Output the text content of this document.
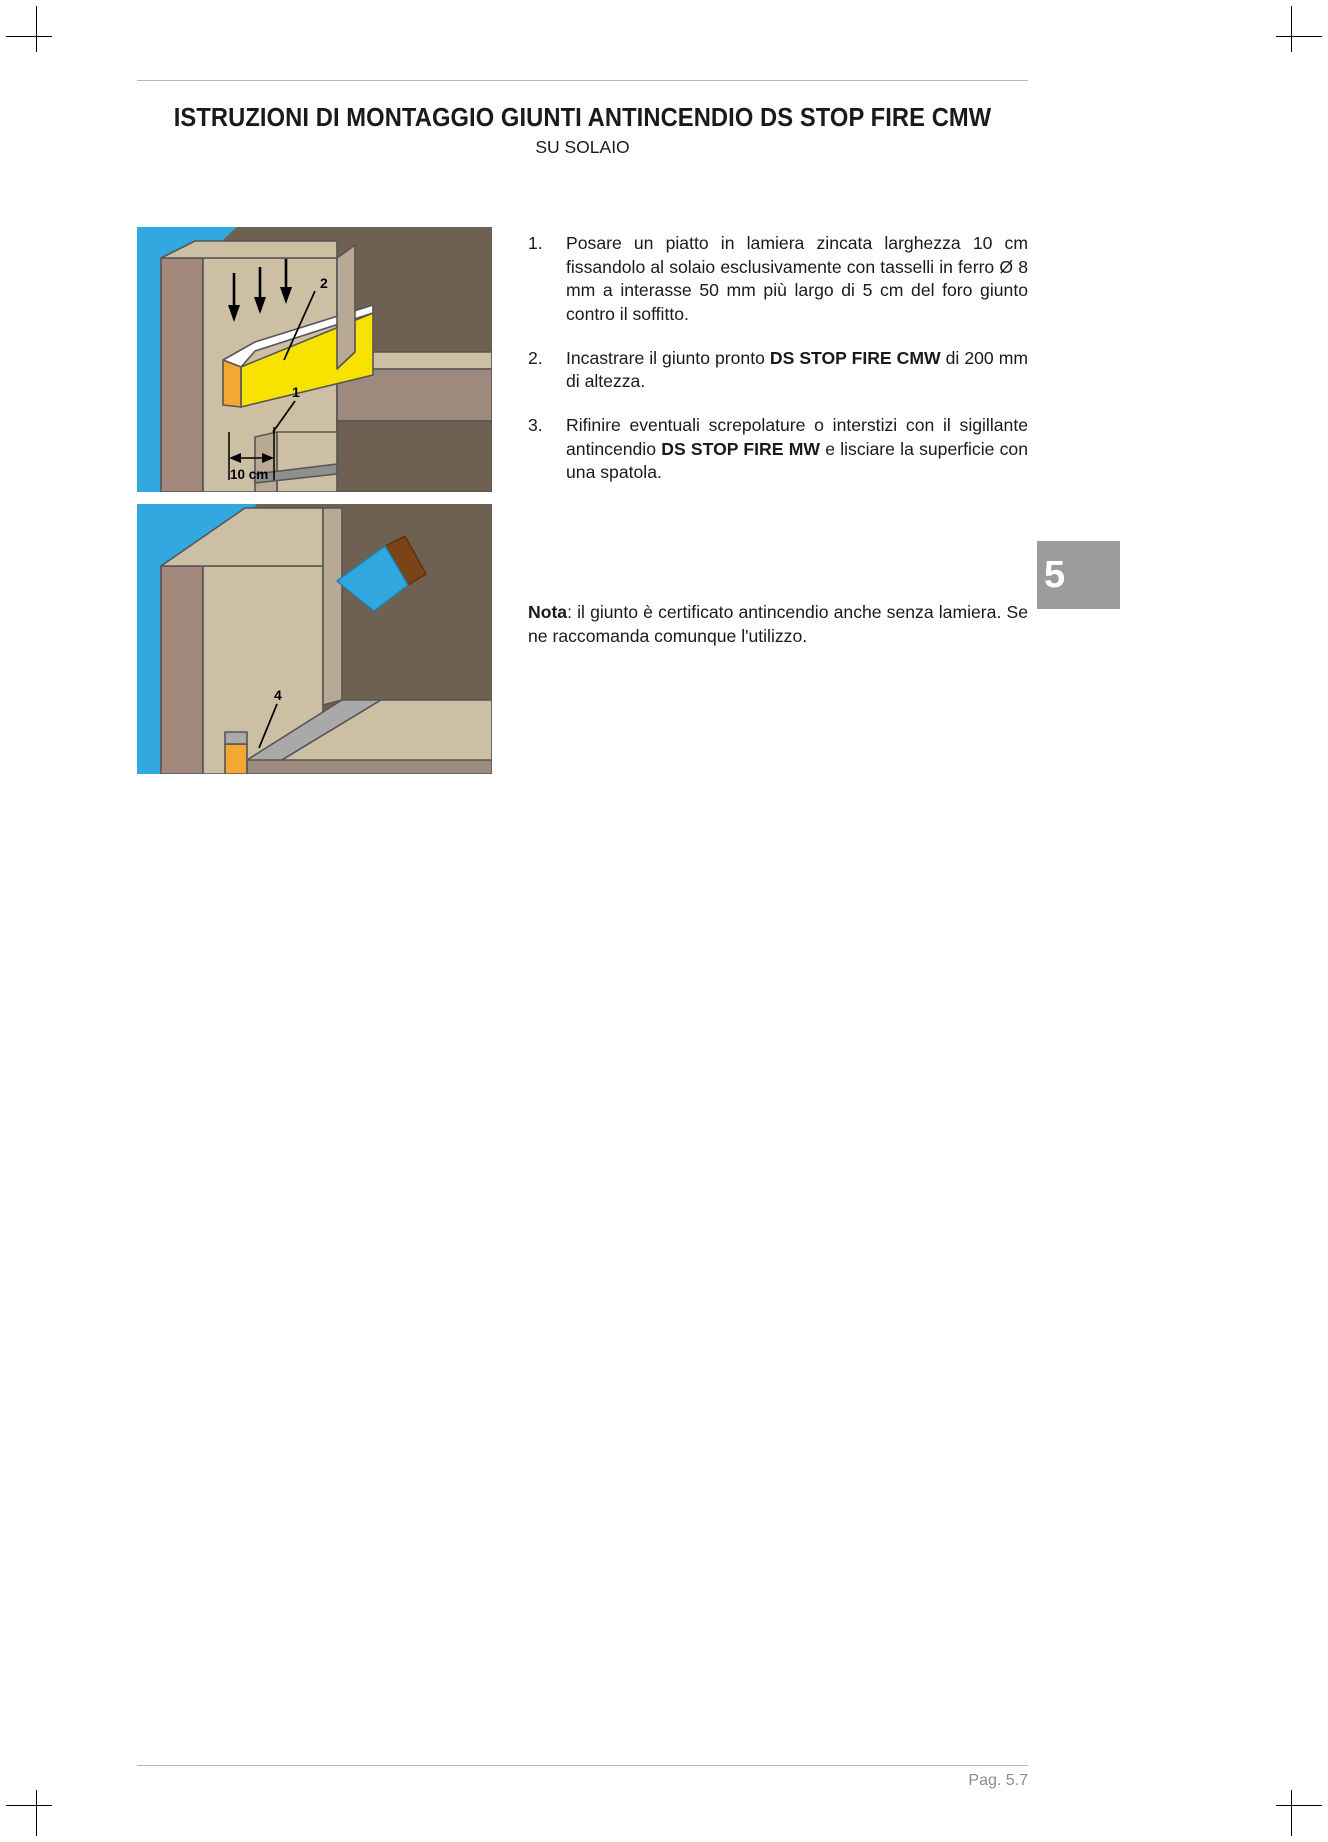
ISTRUZIONI DI MONTAGGIO GIUNTI ANTINCENDIO DS STOP FIRE CMW
SU SOLAIO
2
1
10 cm
4
1.	Posare un piatto in lamiera zincata larghezza 10 cm fissandolo al solaio esclusivamente con tasselli in ferro Ø 8 mm a interasse 50 mm più largo di 5 cm del foro giunto contro il soffitto.
2.	Incastrare il giunto pronto DS STOP FIRE CMW di 200 mm di altezza.
3.	Rifinire eventuali screpolature o interstizi con il sigillante antincendio DS STOP FIRE MW e lisciare la superficie con una spatola.
Nota: il giunto è certificato antincendio anche senza lamiera. Se ne raccomanda comunque l'utilizzo.
5
Pag. 5.7
